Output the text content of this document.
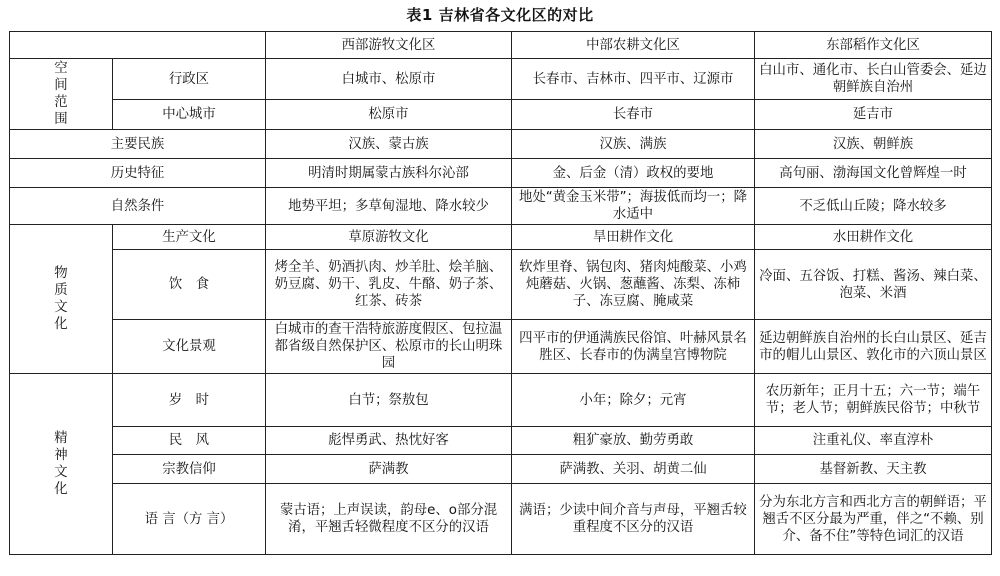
表1 吉林省各文化区的对比
		西部游牧文化区	中部农耕文化区	东部稻作文化区
空间范围	行政区	白城市、松原市	长春市、吉林市、四平市、辽源市	白山市、通化市、长白山管委会、延边朝鲜族自治州
	中心城市	松原市	长春市	延吉市
主要民族		汉族、蒙古族	汉族、满族	汉族、朝鲜族
历史特征		明清时期属蒙古族科尔沁部	金、后金（清）政权的要地	高句丽、渤海国文化曾辉煌一时
自然条件		地势平坦；多草甸湿地、降水较少	地处“黄金玉米带”；海拔低而均一；降水适中	不乏低山丘陵；降水较多
物质文化	生产文化	草原游牧文化	旱田耕作文化	水田耕作文化
	饮　食	烤全羊、奶酒扒肉、炒羊肚、烩羊脑、奶豆腐、奶干、乳皮、牛酪、奶子茶、红茶、砖茶	软炸里脊、锅包肉、猪肉炖酸菜、小鸡炖蘑菇、火锅、葱蘸酱、冻梨、冻柿子、冻豆腐、腌咸菜	冷面、五谷饭、打糕、酱汤、辣白菜、泡菜、米酒
	文化景观	白城市的查干浩特旅游度假区、包拉温都省级自然保护区、松原市的长山明珠园	四平市的伊通满族民俗馆、叶赫风景名胜区、长春市的伪满皇宫博物院	延边朝鲜族自治州的长白山景区、延吉市的帽儿山景区、敦化市的六顶山景区
精神文化	岁　时	白节；祭敖包	小年；除夕；元宵	农历新年；正月十五；六一节；端午节；老人节；朝鲜族民俗节；中秋节
	民　风	彪悍勇武、热忱好客	粗犷豪放、勤劳勇敢	注重礼仪、率直淳朴
	宗教信仰	萨满教	萨满教、关羽、胡黄二仙	基督新教、天主教
	语 言（方 言）	蒙古语；上声误读，韵母e、o部分混淆，平翘舌轻微程度不区分的汉语	满语；少读中间介音与声母，平翘舌较重程度不区分的汉语	分为东北方言和西北方言的朝鲜语；平翘舌不区分最为严重，伴之“不赖、别介、备不住”等特色词汇的汉语
